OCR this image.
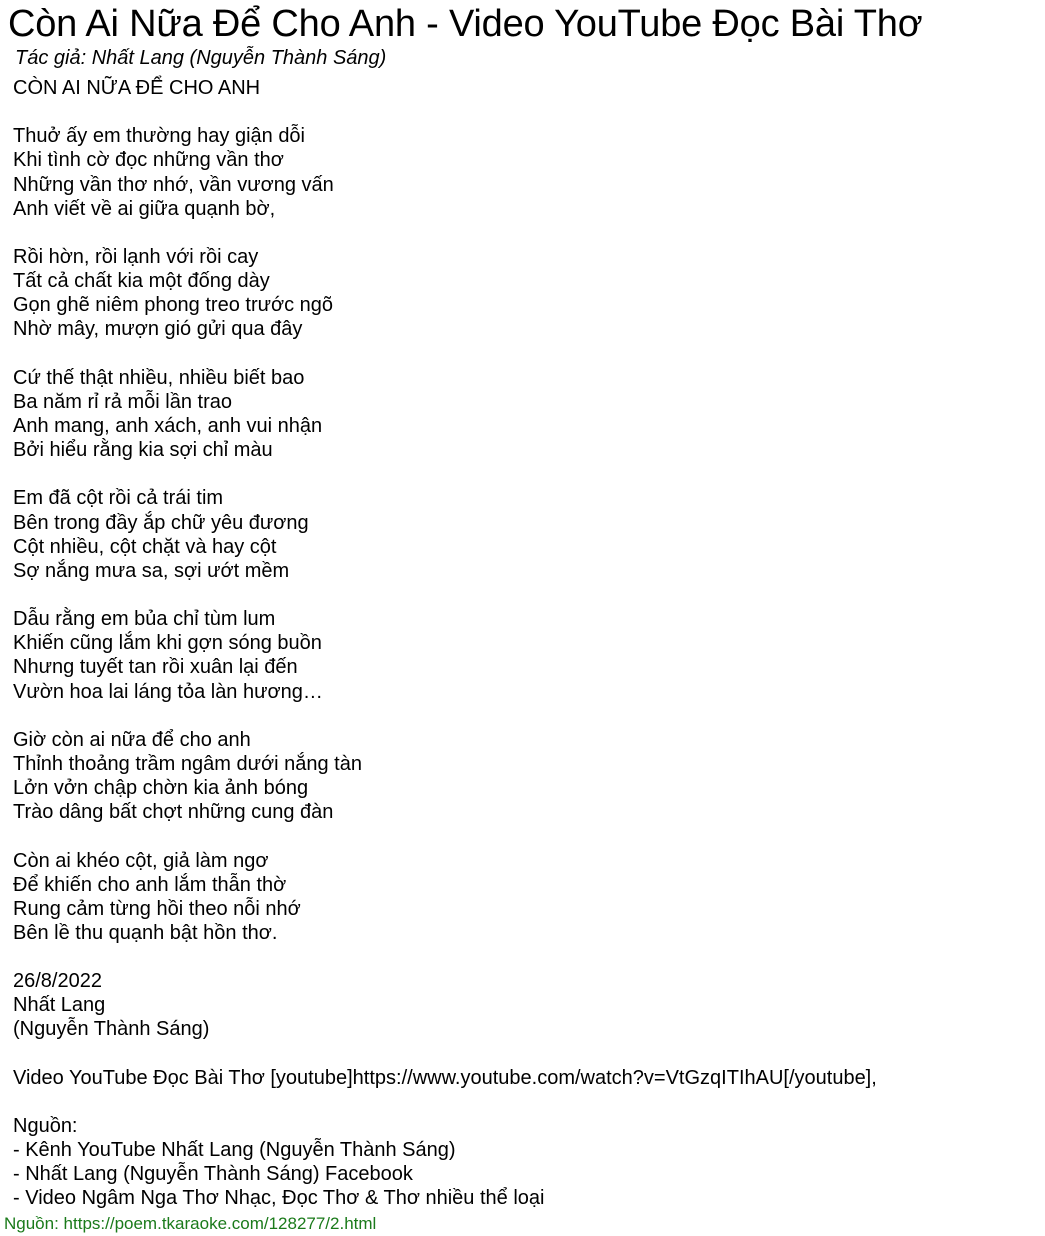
Còn Ai Nữa Để Cho Anh - Video YouTube Đọc Bài Thơ
Tác giả: Nhất Lang (Nguyễn Thành Sáng)
CÒN AI NỮA ĐỂ CHO ANH
Thuở ấy em thường hay giận dỗi
Khi tình cờ đọc những vần thơ
Những vần thơ nhớ, vần vương vấn
Anh viết về ai giữa quạnh bờ,
Rồi hờn, rồi lạnh với rồi cay
Tất cả chất kia một đống dày
Gọn ghẽ niêm phong treo trước ngõ
Nhờ mây, mượn gió gửi qua đây
Cứ thế thật nhiều, nhiều biết bao
Ba năm rỉ rả mỗi lần trao
Anh mang, anh xách, anh vui nhận
Bởi hiểu rằng kia sợi chỉ màu
Em đã cột rồi cả trái tim
Bên trong đầy ắp chữ yêu đương
Cột nhiều, cột chặt và hay cột
Sợ nắng mưa sa, sợi ướt mềm
Dẫu rằng em bủa chỉ tùm lum
Khiến cũng lắm khi gợn sóng buồn
Nhưng tuyết tan rồi xuân lại đến
Vườn hoa lai láng tỏa làn hương…
Giờ còn ai nữa để cho anh
Thỉnh thoảng trầm ngâm dưới nắng tàn
Lởn vởn chập chờn kia ảnh bóng
Trào dâng bất chợt những cung đàn
Còn ai khéo cột, giả làm ngơ
Để khiến cho anh lắm thẫn thờ
Rung cảm từng hồi theo nỗi nhớ
Bên lề thu quạnh bật hồn thơ.
26/8/2022
Nhất Lang
(Nguyễn Thành Sáng)
Video YouTube Đọc Bài Thơ [youtube]https://www.youtube.com/watch?v=VtGzqITIhAU[/youtube],
Nguồn:
- Kênh YouTube Nhất Lang (Nguyễn Thành Sáng)
- Nhất Lang (Nguyễn Thành Sáng) Facebook
- Video Ngâm Nga Thơ Nhạc, Đọc Thơ & Thơ nhiều thể loại
Nguồn: https://poem.tkaraoke.com/128277/2.html
